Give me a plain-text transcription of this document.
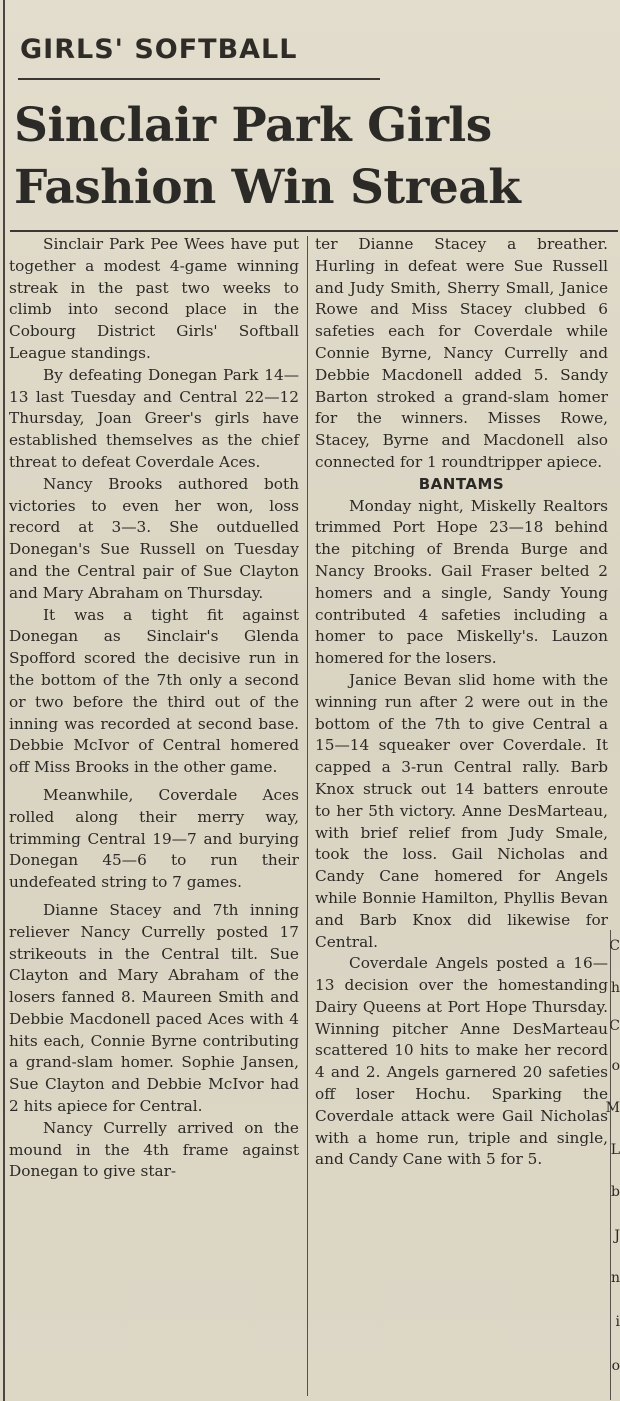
GIRLS' SOFTBALL
Sinclair Park Girls
Fashion Win Streak

Sinclair Park Pee Wees have put together a modest 4-game winning streak in the past two weeks to climb into second place in the Cobourg District Girls' Softball League standings.

By defeating Donegan Park 14—13 last Tuesday and Central 22—12 Thursday, Joan Greer's girls have established themselves as the chief threat to defeat Coverdale Aces.

Nancy Brooks authored both victories to even her won, loss record at 3—3. She outduelled Donegan's Sue Russell on Tuesday and the Central pair of Sue Clayton and Mary Abraham on Thursday.

It was a tight fit against Donegan as Sinclair's Glenda Spofford scored the decisive run in the bottom of the 7th only a second or two before the third out of the inning was recorded at second base. Debbie McIvor of Central homered off Miss Brooks in the other game.

Meanwhile, Coverdale Aces rolled along their merry way, trimming Central 19—7 and burying Donegan 45—6 to run their undefeated string to 7 games.

Dianne Stacey and 7th inning reliever Nancy Currelly posted 17 strikeouts in the Central tilt. Sue Clayton and Mary Abraham of the losers fanned 8. Maureen Smith and Debbie Macdonell paced Aces with 4 hits each, Connie Byrne contributing a grand-slam homer. Sophie Jansen, Sue Clayton and Debbie McIvor had 2 hits apiece for Central.

Nancy Currelly arrived on the mound in the 4th frame against Donegan to give star-

ter Dianne Stacey a breather. Hurling in defeat were Sue Russell and Judy Smith, Sherry Small, Janice Rowe and Miss Stacey clubbed 6 safeties each for Coverdale while Connie Byrne, Nancy Currelly and Debbie Macdonell added 5. Sandy Barton stroked a grand-slam homer for the winners. Misses Rowe, Stacey, Byrne and Macdonell also connected for 1 roundtripper apiece.

BANTAMS

Monday night, Miskelly Realtors trimmed Port Hope 23—18 behind the pitching of Brenda Burge and Nancy Brooks. Gail Fraser belted 2 homers and a single, Sandy Young contributed 4 safeties including a homer to pace Miskelly's. Lauzon homered for the losers.

Janice Bevan slid home with the winning run after 2 were out in the bottom of the 7th to give Central a 15—14 squeaker over Coverdale. It capped a 3-run Central rally. Barb Knox struck out 14 batters enroute to her 5th victory. Anne DesMarteau, with brief relief from Judy Smale, took the loss. Gail Nicholas and Candy Cane homered for Angels while Bonnie Hamilton, Phyllis Bevan and Barb Knox did likewise for Central.

Coverdale Angels posted a 16—13 decision over the homestanding Dairy Queens at Port Hope Thursday. Winning pitcher Anne DesMarteau scattered 10 hits to make her record 4 and 2. Angels garnered 20 safeties off loser Hochu. Sparking the Coverdale attack were Gail Nicholas with a home run, triple and single, and Candy Cane with 5 for 5.

C
h
C
o
M
L
b
J
n
i
o
